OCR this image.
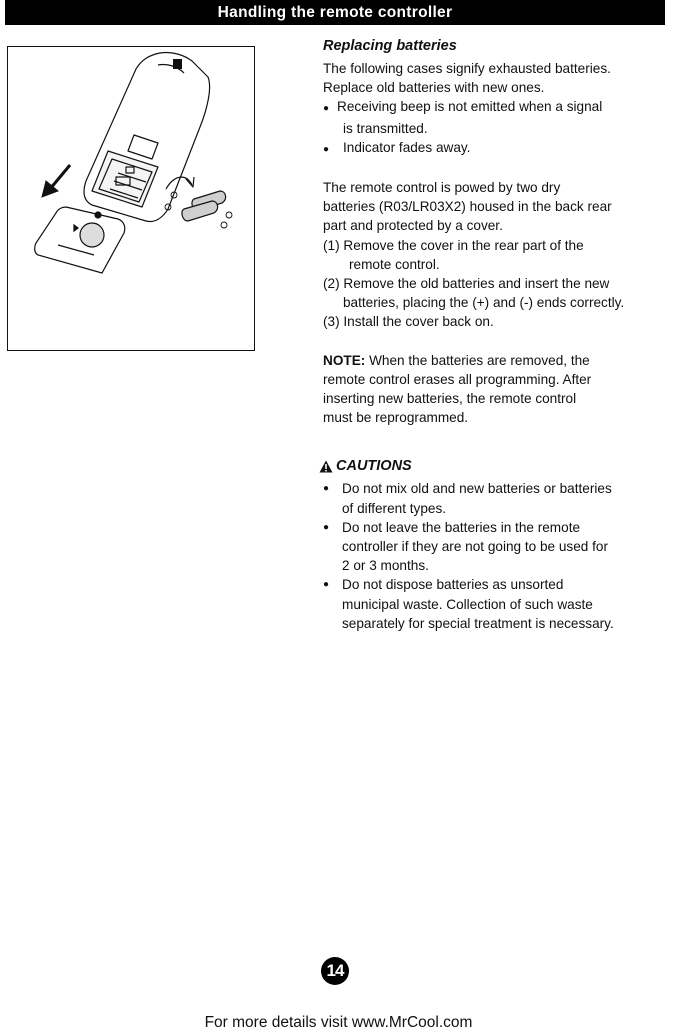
Handling the remote controller
Replacing batteries
The following cases signify exhausted batteries.
Replace old batteries with new ones.
● Receiving beep is not emitted when a signal
is transmitted.
●	Indicator fades away.
The remote control is powed by two dry
batteries (R03/LR03X2) housed in the back rear
part and protected by a cover.
(1) Remove the cover in the rear part of the
remote control.
(2) Remove the old batteries and insert the new
batteries, placing the (+) and (-) ends correctly.
(3) Install the cover back on.
NOTE: When the batteries are removed, the
remote control erases all programming. After
inserting new batteries, the remote control
must be reprogrammed.
CAUTIONS
● Do not mix old and new batteries or batteries
of different types.
● Do not leave the batteries in the remote
controller if they are not going to be used for
2 or 3 months.
● Do not dispose batteries as unsorted
municipal waste. Collection of such waste
separately for special treatment is necessary.
14
For more details visit www.MrCool.com
